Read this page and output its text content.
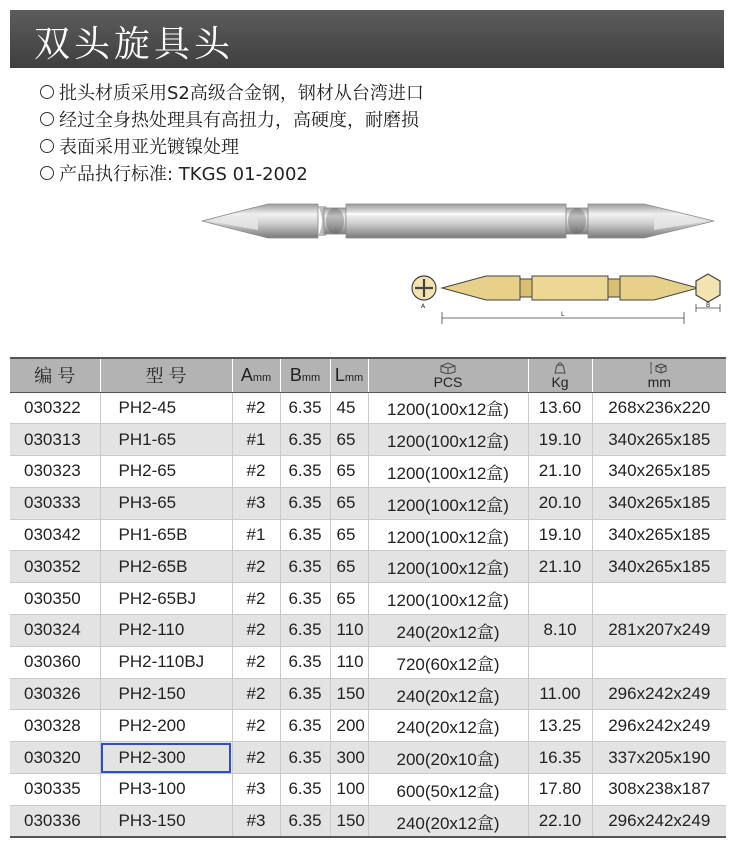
双头旋具头
批头材质采用S2高级合金钢，钢材从台湾进口
经过全身热处理具有高扭力，高硬度，耐磨损
表面采用亚光镀镍处理
产品执行标准: TKGS 01-2002
A
L
B
编 号	型 号	Amm	Bmm	Lmm	PCS	Kg	mm

030322	PH2-45	#2	6.35	45	1200(100x12盒)	13.60	268x236x220
030313	PH1-65	#1	6.35	65	1200(100x12盒)	19.10	340x265x185
030323	PH2-65	#2	6.35	65	1200(100x12盒)	21.10	340x265x185
030333	PH3-65	#3	6.35	65	1200(100x12盒)	20.10	340x265x185
030342	PH1-65B	#1	6.35	65	1200(100x12盒)	19.10	340x265x185
030352	PH2-65B	#2	6.35	65	1200(100x12盒)	21.10	340x265x185
030350	PH2-65BJ	#2	6.35	65	1200(100x12盒)		
030324	PH2-110	#2	6.35	110	240(20x12盒)	8.10	281x207x249
030360	PH2-110BJ	#2	6.35	110	720(60x12盒)		
030326	PH2-150	#2	6.35	150	240(20x12盒)	11.00	296x242x249
030328	PH2-200	#2	6.35	200	240(20x12盒)	13.25	296x242x249
030320	PH2-300	#2	6.35	300	200(20x10盒)	16.35	337x205x190
030335	PH3-100	#3	6.35	100	600(50x12盒)	17.80	308x238x187
030336	PH3-150	#3	6.35	150	240(20x12盒)	22.10	296x242x249
